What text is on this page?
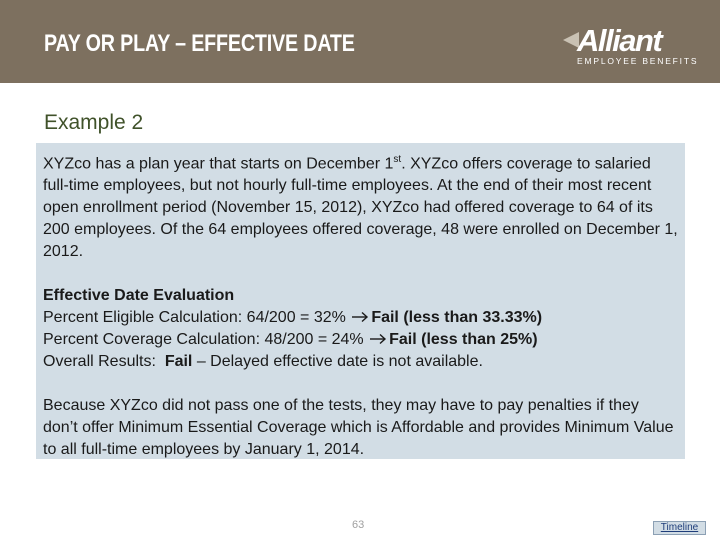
PAY OR PLAY – EFFECTIVE DATE	Alliant
EMPLOYEE BENEFITS
Example 2

XYZco has a plan year that starts on December 1st. XYZco offers coverage to salaried full-time employees, but not hourly full-time employees. At the end of their most recent open enrollment period (November 15, 2012), XYZco had offered coverage to 64 of its 200 employees. Of the 64 employees offered coverage, 48 were enrolled on December 1, 2012.

Effective Date Evaluation

Percent Eligible Calculation: 64/200 = 32% Fail (less than 33.33%)

Percent Coverage Calculation: 48/200 = 24% Fail (less than 25%)

Overall Results: Fail – Delayed effective date is not available.

Because XYZco did not pass one of the tests, they may have to pay penalties if they don’t offer Minimum Essential Coverage which is Affordable and provides Minimum Value to all full-time employees by January 1, 2014.

63	Timeline
